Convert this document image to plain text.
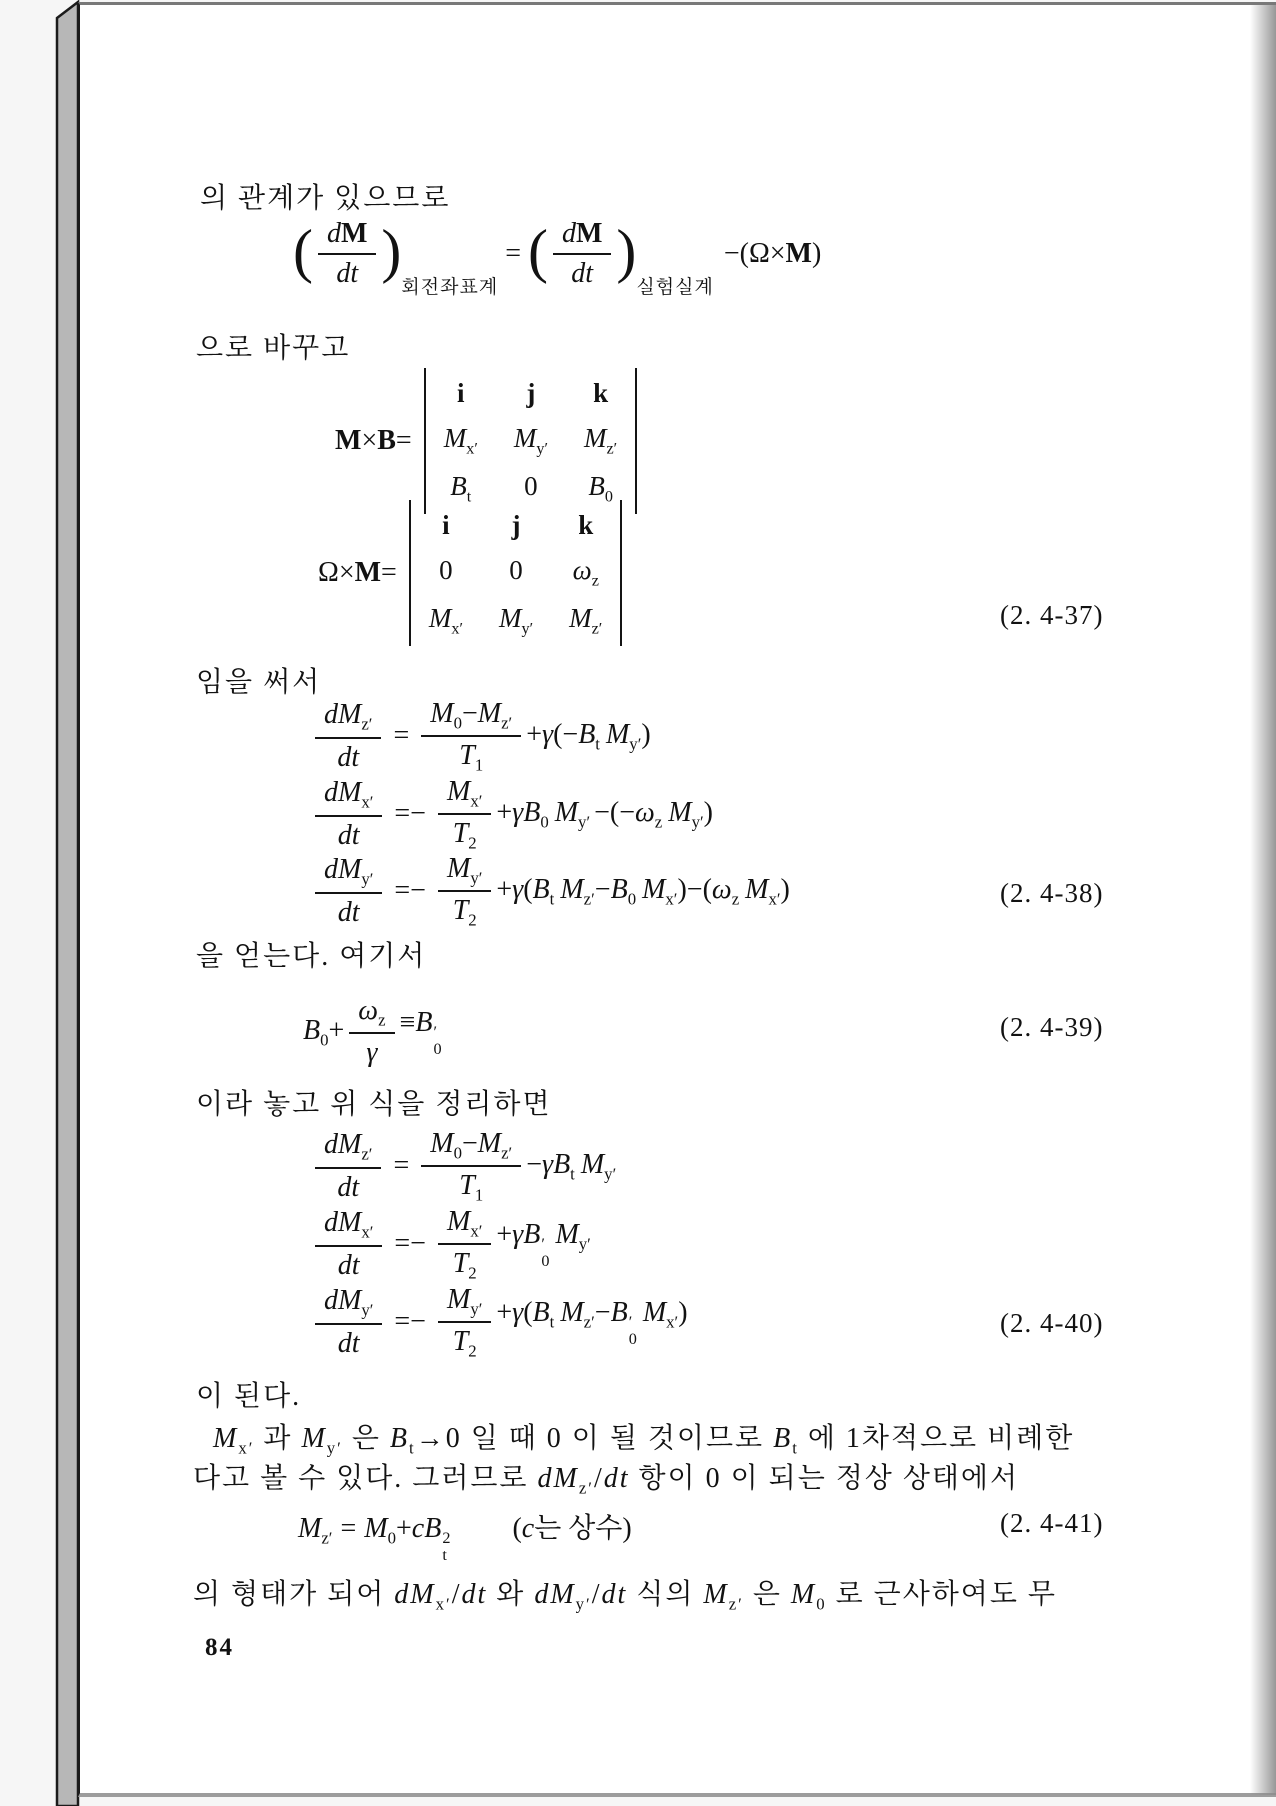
의 관계가 있으므로
( $\frac{dM}{dt}$ )
회전좌표계
= ( $\frac{dM}{dt}$ )
실험실계
−(Ω×M)
으로 바꾸고
M×B=
i j k
$M_{x'}$ $M_{y'}$ $M_{z'}$
$B_t$ 0 $B_0$
Ω×M=
i j k
0 0 $\omega_z$
$M_{x'}$ $M_{y'}$ $M_{z'}$	(2. 4-37)
임을 써서
$\frac{dM_{z'}}{dt} = \frac{M_0-M_{z'}}{T_1} +\gamma(-B_t$ $M_{y'}$)
$\frac{dM_{x'}}{dt} =- \frac{M_{x'}}{T_2} +\gamma B_0$ $M_{y'} -(-\omega_z$ $M_{y'}$)
$\frac{dM_{y'}}{dt} =- \frac{M_{y'}}{T_2} +\gamma(B_t$ $M_{z'}-B_0$ $M_{x'})-(\omega_z$ $M_{x'}$)	(2. 4-38)
을 얻는다. 여기서
$B_0+ \frac{\omega_z}{\gamma} \equiv B$ ′
0
(2. 4-39)
이라 놓고 위 식을 정리하면
$\frac{dM_{z'}}{dt} = \frac{M_0-M_{z'}}{T_1} -\gamma B_t$ $M_{y'}$
$\frac{dM_{x'}}{dt} =- \frac{M_{x'}}{T_2} +\gamma B$ ′
0
$M_{y'}$
$\frac{dM_{y'}}{dt} =- \frac{M_{y'}}{T_2} +\gamma(B_t$ $M_{z'}-B$ ′
0
$M_{x'}$)	(2. 4-40)
이 된다.
$M_{x'}$ 과 $M_{y'}$ 은 $B_t\to 0$ 일 때 0 이 될 것이므로 $B_t$ 에 1차적으로 비례한
다고 볼 수 있다. 그러므로 $dM_{z'}/dt$ 항이 0 이 되는 정상 상태에서
$M_{z'} = M_0+cB$ 2
t
(c는 상수)	(2. 4-41)
의 형태가 되어 $dM_{x'}/dt$ 와 $dM_{y'}/dt$ 식의 $M_{z'}$ 은 $M_0$ 로 근사하여도 무
84
